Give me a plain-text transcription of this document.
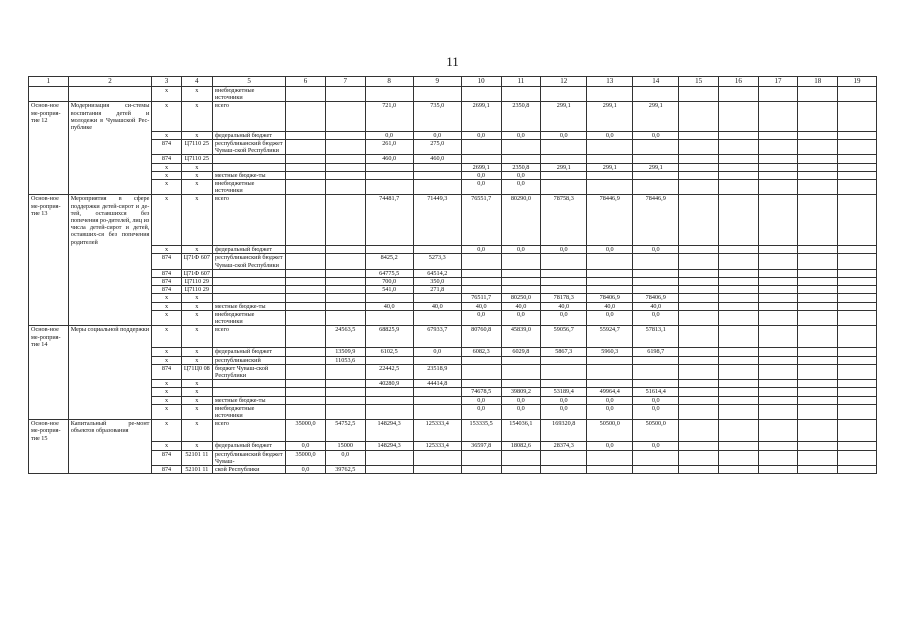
11
1	2	3	4	5	6	7	8	9	10	11	12	13	14	15	16	17	18	19
		х	х	внебюджетные источники														
Основ-ное ме-роприя-тие 12	Модернизация си-стемы воспитания детей и молодежи в Чувашской Рес-публике	х	х	всего			721,0	735,0	2699,1	2350,8	299,1	299,1	299,1					
		х	х	федеральный бюджет			0,0	0,0	0,0	0,0	0,0	0,0	0,0					
		874	Ц7110 25	республиканский бюджет Чуваш-ской Республики			261,0	275,0										
		874	Ц7110 25				460,0	460,0										
		х	х						2699,1	2350,8	299,1	299,1	299,1					
		х	х	местные бюдже-ты					0,0	0,0								
		х	х	внебюджетные источники					0,0	0,0								
Основ-ное ме-роприя-тие 13	Мероприятия в сфере поддержки детей-сирот и де-тей, оставшихся без попечения ро-дителей, лиц из числа детей-сирот и детей, оставших-ся без попечения родителей	х	х	всего			74481,7	71449,3	76551,7	80290,0	78758,3	78446,9	78446,9					
		х	х	федеральный бюджет					0,0	0,0	0,0	0,0	0,0					
		874	Ц71Ф 607	республиканский бюджет Чуваш-ской Республики			8425,2	5273,3										
		874	Ц71Ф 607				64775,5	64514,2										
		874	Ц7110 29				700,0	350,0										
		874	Ц7110 29				541,0	271,8										
		х	х						76511,7	80250,0	78178,3	78406,9	78406,9					
		х	х	местные бюдже-ты			40,0	40,0	40,0	40,0	40,0	40,0	40,0					
		х	х	внебюджетные источники					0,0	0,0	0,0	0,0	0,0					
Основ-ное ме-роприя-тие 14	Меры социальной поддержки	х	х	всего		24563,5	68825,9	67933,7	80760,8	45839,0	59056,7	55924,7	57813,1					
		х	х	федеральный бюджет		13509,9	6102,5	0,0	6082,3	6029,8	5867,3	5960,3	6198,7					
		х	х	республиканский		11053,6												
		874	Ц71Ц0 08	бюджет Чуваш-ской Республики			22442,5	23518,9										
		х	х				40280,9	44414,8										
		х	х						74678,5	39809,2	53189,4	49964,4	51614,4					
		х	х	местные бюдже-ты					0,0	0,0	0,0	0,0	0,0					
		х	х	внебюджетные источники					0,0	0,0	0,0	0,0	0,0					
Основ-ное ме-роприя-тие 15	Капитальный ре-монт объектов образования	х	х	всего	35000,0	54752,5	148294,3	125333,4	153335,5	154036,1	169320,8	50500,0	50500,0					
		х	х	федеральный бюджет	0,0	15000	148294,3	125333,4	36597,8	18082,6	28374,3	0,0	0,0					
		874	52101 11	республиканский бюджет Чуваш-	35000,0	0,0												
		874	52101 11	ской Республики	0,0	39762,5												
